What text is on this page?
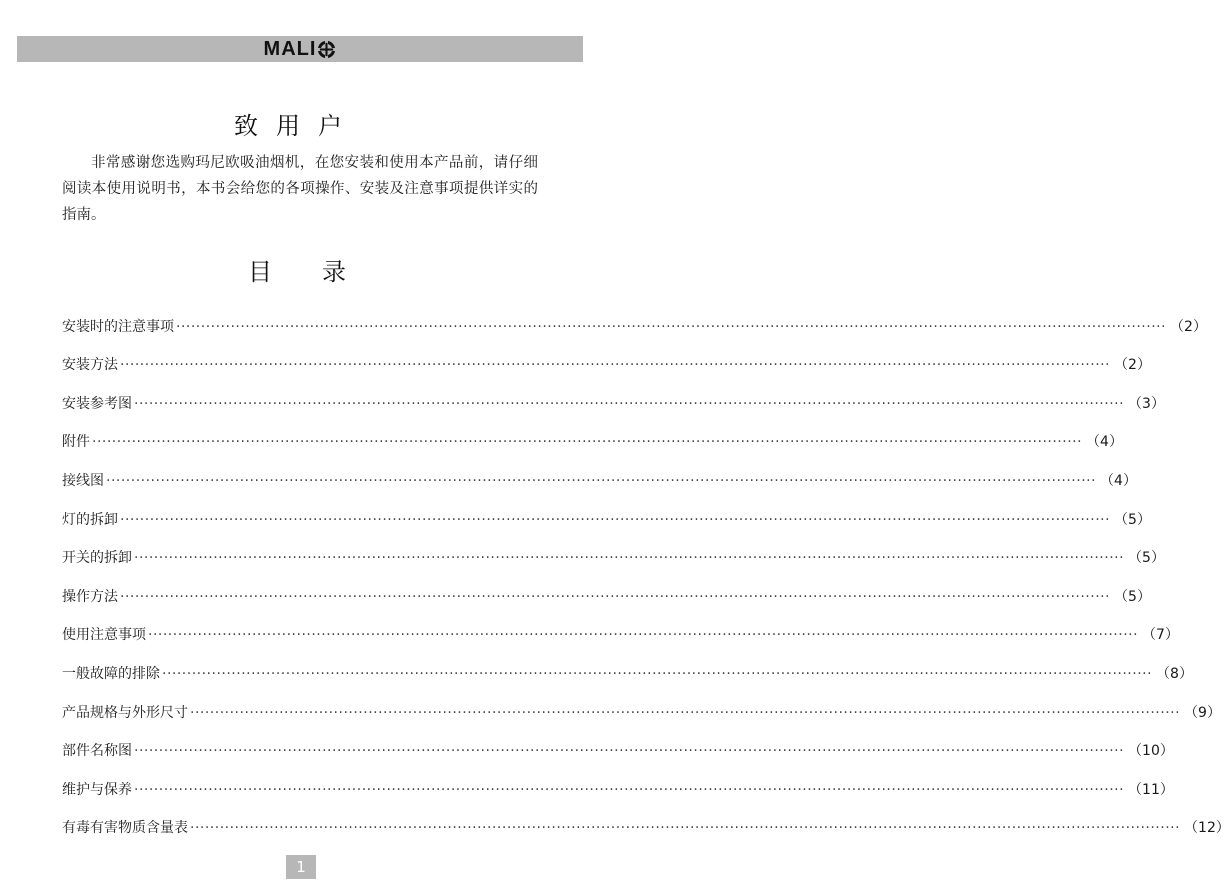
MALI
致用户

非常感谢您选购玛尼欧吸油烟机，在您安装和使用本产品前，请仔细阅读本使用说明书，本书会给您的各项操作、安装及注意事项提供详实的指南。

目 录
安装时的注意事项 ········································································································································································································ （2）
安装方法 ········································································································································································································ （2）
安装参考图 ········································································································································································································ （3）
附件 ········································································································································································································ （4）
接线图 ········································································································································································································ （4）
灯的拆卸 ········································································································································································································ （5）
开关的拆卸 ········································································································································································································ （5）
操作方法 ········································································································································································································ （5）
使用注意事项 ········································································································································································································ （7）
一般故障的排除 ········································································································································································································ （8）
产品规格与外形尺寸 ········································································································································································································ （9）
部件名称图 ········································································································································································································ （10）
维护与保养 ········································································································································································································ （11）
有毒有害物质含量表 ········································································································································································································ （12）
1
